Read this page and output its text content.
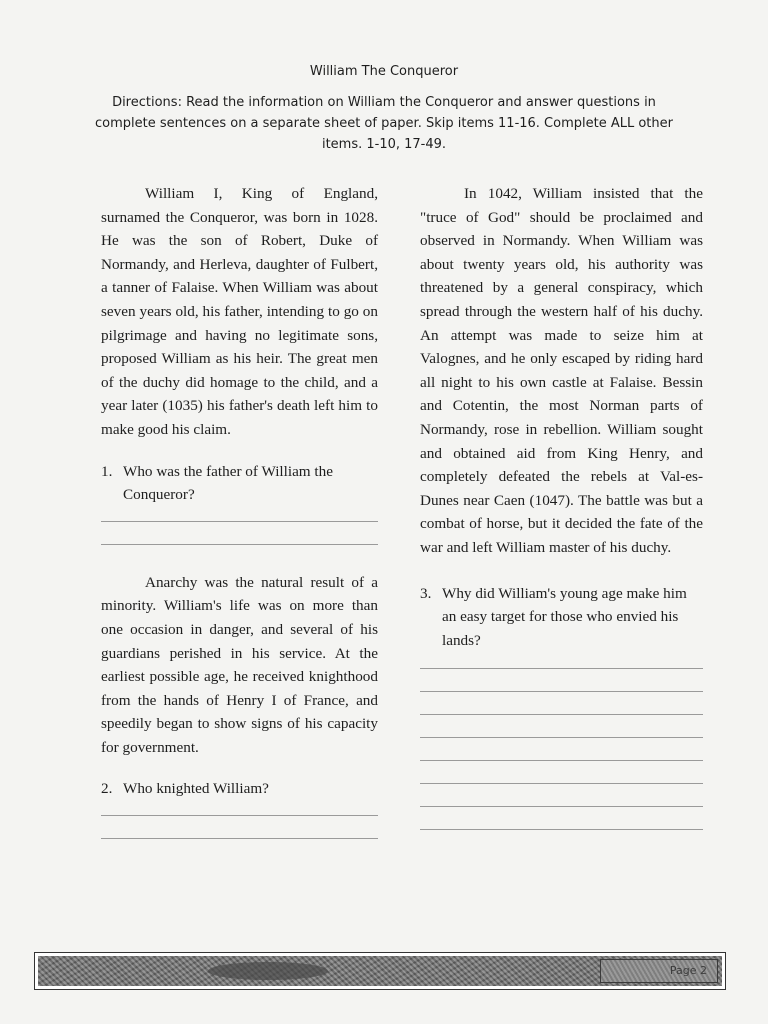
William The Conqueror
Directions: Read the information on William the Conqueror and answer questions in complete sentences on a separate sheet of paper. Skip items 11-16. Complete ALL other items. 1-10, 17-49.

William I, King of England, surnamed the Conqueror, was born in 1028. He was the son of Robert, Duke of Normandy, and Herleva, daughter of Fulbert, a tanner of Falaise. When William was about seven years old, his father, intending to go on pilgrimage and having no legitimate sons, proposed William as his heir. The great men of the duchy did homage to the child, and a year later (1035) his father's death left him to make good his claim.

1. Who was the father of William the Conqueror?

Anarchy was the natural result of a minority. William's life was on more than one occasion in danger, and several of his guardians perished in his service. At the earliest possible age, he received knighthood from the hands of Henry I of France, and speedily began to show signs of his capacity for government.

2. Who knighted William?

In 1042, William insisted that the "truce of God" should be proclaimed and observed in Normandy. When William was about twenty years old, his authority was threatened by a general conspiracy, which spread through the western half of his duchy. An attempt was made to seize him at Valognes, and he only escaped by riding hard all night to his own castle at Falaise. Bessin and Cotentin, the most Norman parts of Normandy, rose in rebellion. William sought and obtained aid from King Henry, and completely defeated the rebels at Val-es-Dunes near Caen (1047). The battle was but a combat of horse, but it decided the fate of the war and left William master of his duchy.

3. Why did William's young age make him an easy target for those who envied his lands?
Page 2
